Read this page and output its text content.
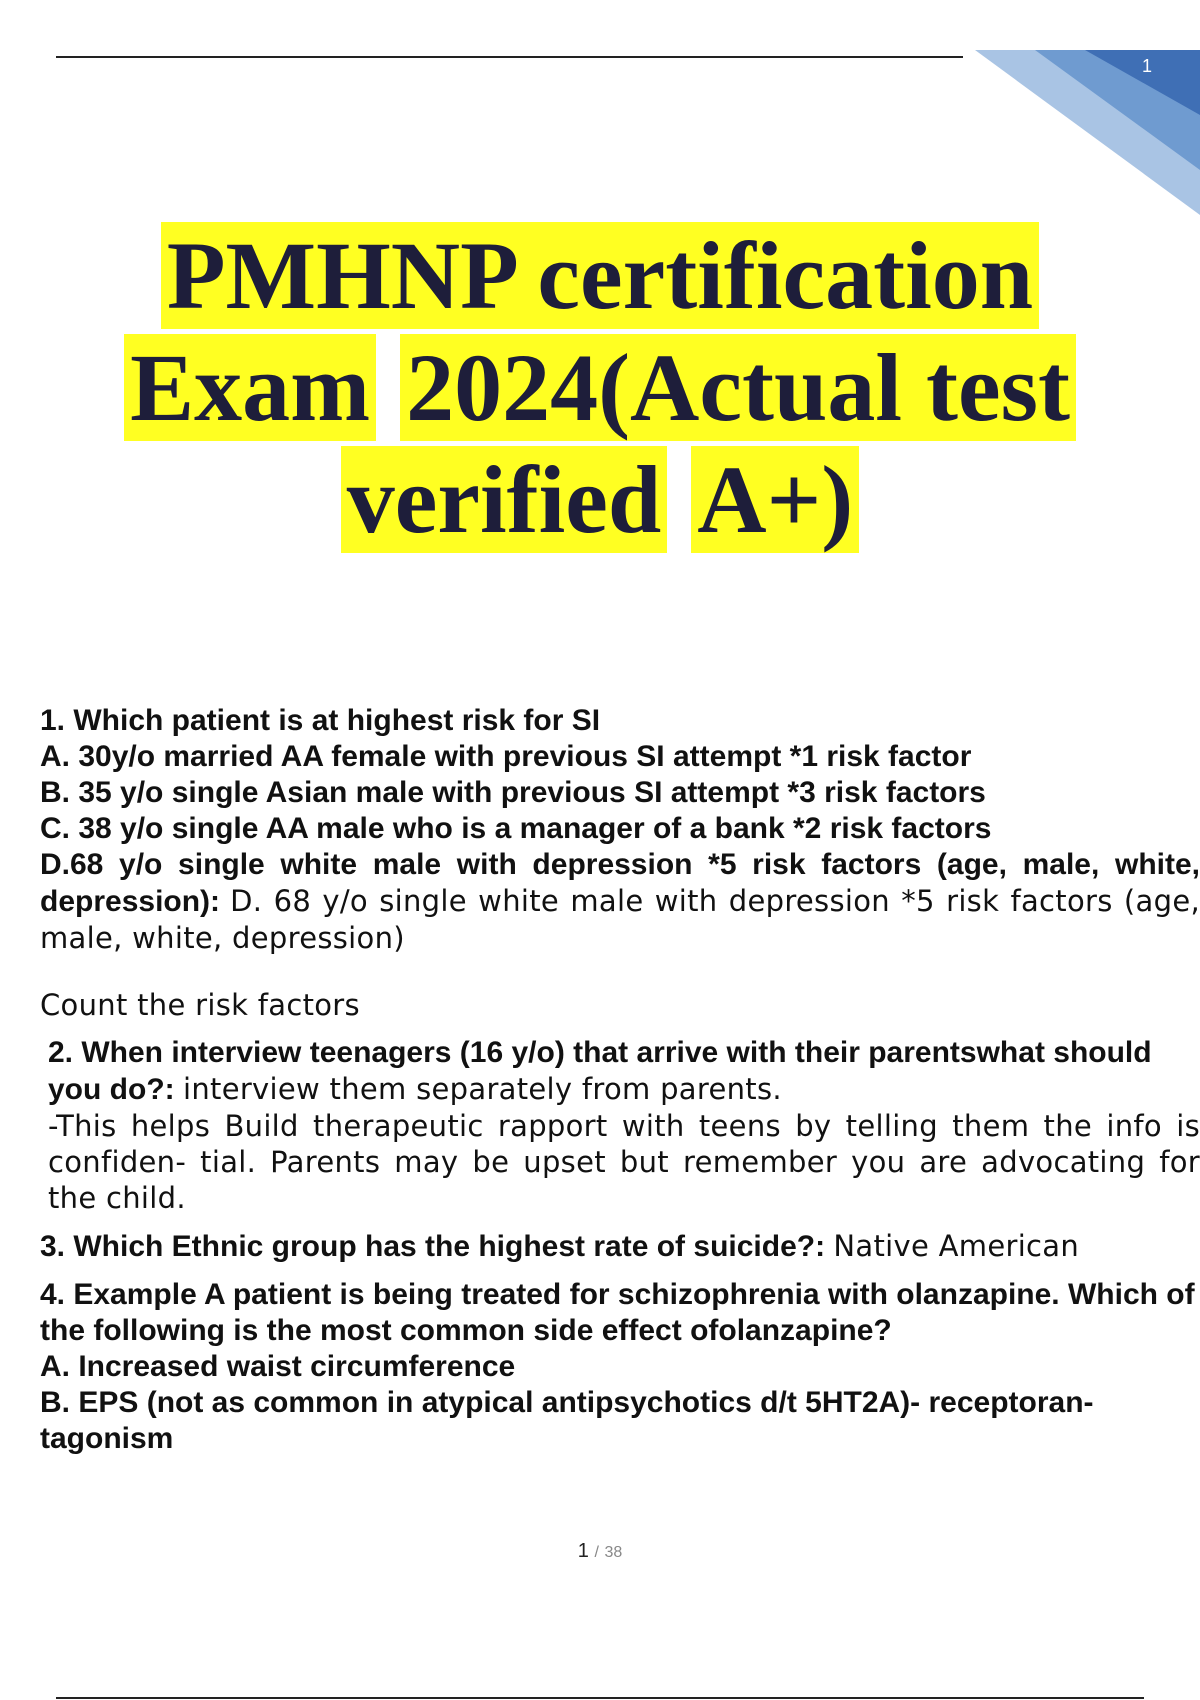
1
PMHNP certification
Exam 2024(Actual test
verified A+)
1. Which patient is at highest risk for SI
A. 30y/o married AA female with previous SI attempt *1 risk factor
B. 35 y/o single Asian male with previous SI attempt *3 risk factors
C. 38 y/o single AA male who is a manager of a bank *2 risk factors
D.68 y/o single white male with depression *5 risk factors (age, male, white, depression): D. 68 y/o single white male with depression *5 risk factors (age, male, white, depression)
Count the risk factors
2. When interview teenagers (16 y/o) that arrive with their parentswhat should you do?: interview them separately from parents.
-This helps Build therapeutic rapport with teens by telling them the info is confiden- tial. Parents may be upset but remember you are advocating for the child.
3. Which Ethnic group has the highest rate of suicide?: Native American
4. Example A patient is being treated for schizophrenia with olanzapine. Which of the following is the most common side effect ofolanzapine?
A. Increased waist circumference
B. EPS (not as common in atypical antipsychotics d/t 5HT2A)- receptoran- tagonism
1 / 38
